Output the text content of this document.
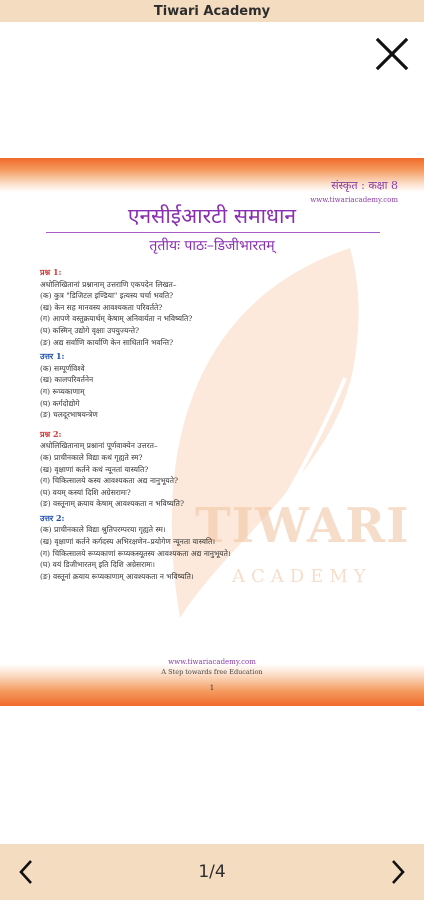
Tiwari Academy
TIWARI
ACADEMY
संस्कृत : कक्षा 8
www.tiwariacademy.com
एनसीईआरटी समाधान
तृतीयः पाठः–डिजीभारतम्
प्रश्न 1:
अधोलिखितानां प्रश्नानाम् उत्तराणि एकपदेन लिखत–
(क) कुत्र "डिजिटल इण्डिया" इत्यस्य चर्चा भवति?
(ख) केन सह मानवस्य आवश्यकता परिवर्तते?
(ग) आपणे वस्तुक्रयार्थम् केषाम् अनिवार्यता न भविष्यति?
(घ) कस्मिन् उद्योगे वृक्षाः उपयुज्यन्ते?
(ङ) अद्य सर्वाणि कार्याणि केन साधितानि भवन्ति?
उत्तर 1:
(क) सम्पूर्णविश्वे
(ख) कालपरिवर्तनेन
(ग) रूप्यकाणाम्
(घ) कर्गदोद्योगे
(ङ) चलदूरभाषयन्त्रेण
प्रश्न 2:
अधोलिखितानाम् प्रश्नानां पूर्णवाक्येन उत्तरत–
(क) प्राचीनकाले विद्या कथं गृह्यते स्म?
(ख) वृक्षाणां कर्तने कथं न्यूनतां यास्यति?
(ग) चिकित्सालये कस्य आवश्यकता अद्य नानुभूयते?
(घ) वयम् कस्यां दिशि अग्रेसरामः?
(ङ) वस्तूनाम् क्रयाय केषाम् आवश्यकता न भविष्यति?
उत्तर 2:
(क) प्राचीनकाले विद्या श्रुतिपरम्परया गृह्यते स्म।
(ख) वृक्षाणां कर्तने कर्गदस्य अभिरक्षणेन–प्रयोगेण न्यूनता यास्यति।
(ग) चिकित्सालये रूप्यकाणां रूप्यकस्यूतस्य आवश्यकता अद्य नानुभूयते।
(घ) वयं डिजीभारतम् इति दिशि अग्रेसरामः।
(ङ) वस्तूनां क्रयाय रूप्यकाणाम् आवश्यकता न भविष्यति।
www.tiwariacademy.com
A Step towards free Education
1
1/4
